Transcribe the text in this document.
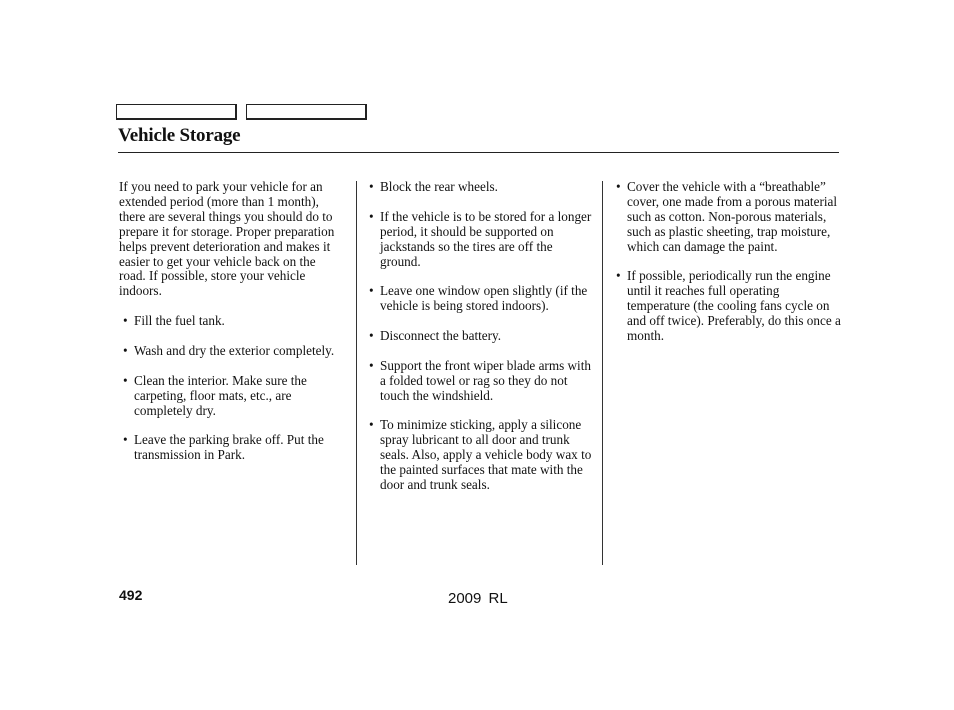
Vehicle Storage

If you need to park your vehicle for an extended period (more than 1 month), there are several things you should do to prepare it for storage. Proper preparation helps prevent deterioration and makes it easier to get your vehicle back on the road. If possible, store your vehicle indoors.

• Fill the fuel tank.
• Wash and dry the exterior completely.
• Clean the interior. Make sure the carpeting, floor mats, etc., are completely dry.
• Leave the parking brake off. Put the transmission in Park.
• Block the rear wheels.
• If the vehicle is to be stored for a longer period, it should be supported on jackstands so the tires are off the ground.
• Leave one window open slightly (if the vehicle is being stored indoors).
• Disconnect the battery.
• Support the front wiper blade arms with a folded towel or rag so they do not touch the windshield.
• To minimize sticking, apply a silicone spray lubricant to all door and trunk seals. Also, apply a vehicle body wax to the painted surfaces that mate with the door and trunk seals.
• Cover the vehicle with a “breathable” cover, one made from a porous material such as cotton. Non-porous materials, such as plastic sheeting, trap moisture, which can damage the paint.
• If possible, periodically run the engine until it reaches full operating temperature (the cooling fans cycle on and off twice). Preferably, do this once a month.
492	2009 RL
